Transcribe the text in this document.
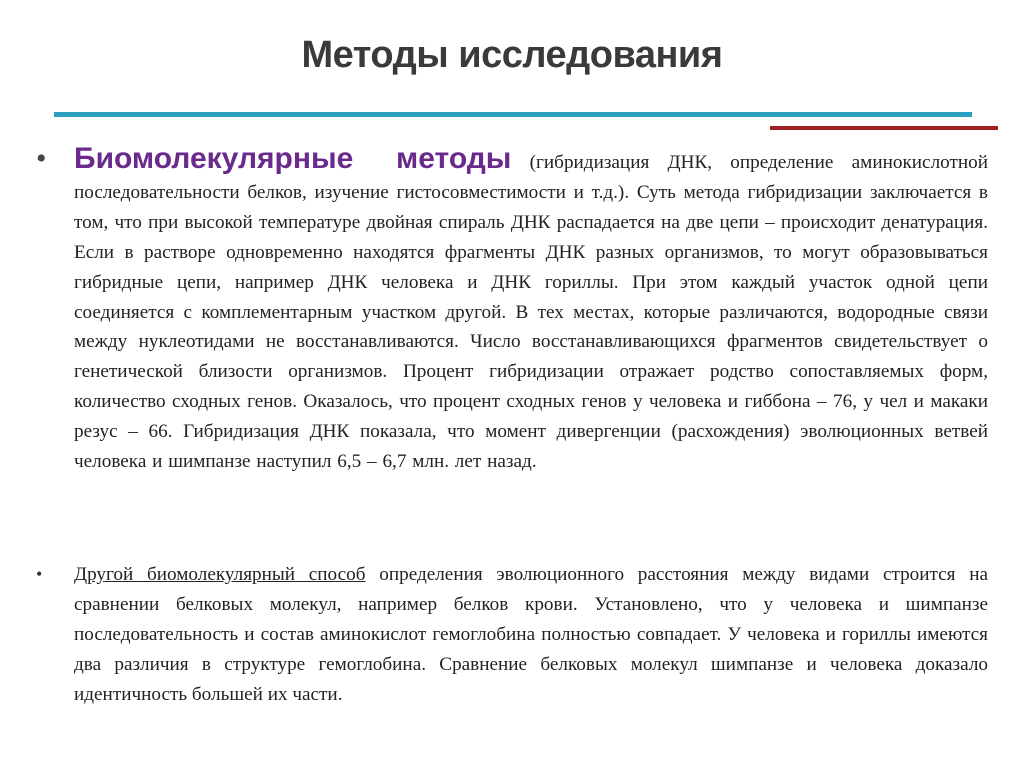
Методы исследования
• Биомолекулярные методы (гибридизация ДНК, определение аминокислотной последовательности белков, изучение гистосовместимости и т.д.). Суть метода гибридизации заключается в том, что при высокой температуре двойная спираль ДНК распадается на две цепи – происходит денатурация. Если в растворе одновременно находятся фрагменты ДНК разных организмов, то могут образовываться гибридные цепи, например ДНК человека и ДНК гориллы. При этом каждый участок одной цепи соединяется с комплементарным участком другой. В тех местах, которые различаются, водородные связи между нуклеотидами не восстанавливаются. Число восстанавливающихся фрагментов свидетельствует о генетической близости организмов. Процент гибридизации отражает родство сопоставляемых форм, количество сходных генов. Оказалось, что процент сходных генов у человека и гиббона – 76, у чел и макаки резус – 66. Гибридизация ДНК показала, что момент дивергенции (расхождения) эволюционных ветвей человека и шимпанзе наступил 6,5 – 6,7 млн. лет назад.
• Другой биомолекулярный способ определения эволюционного расстояния между видами строится на сравнении белковых молекул, например белков крови. Установлено, что у человека и шимпанзе последовательность и состав аминокислот гемоглобина полностью совпадает. У человека и гориллы имеются два различия в структуре гемоглобина. Сравнение белковых молекул шимпанзе и человека доказало идентичность большей их части.
